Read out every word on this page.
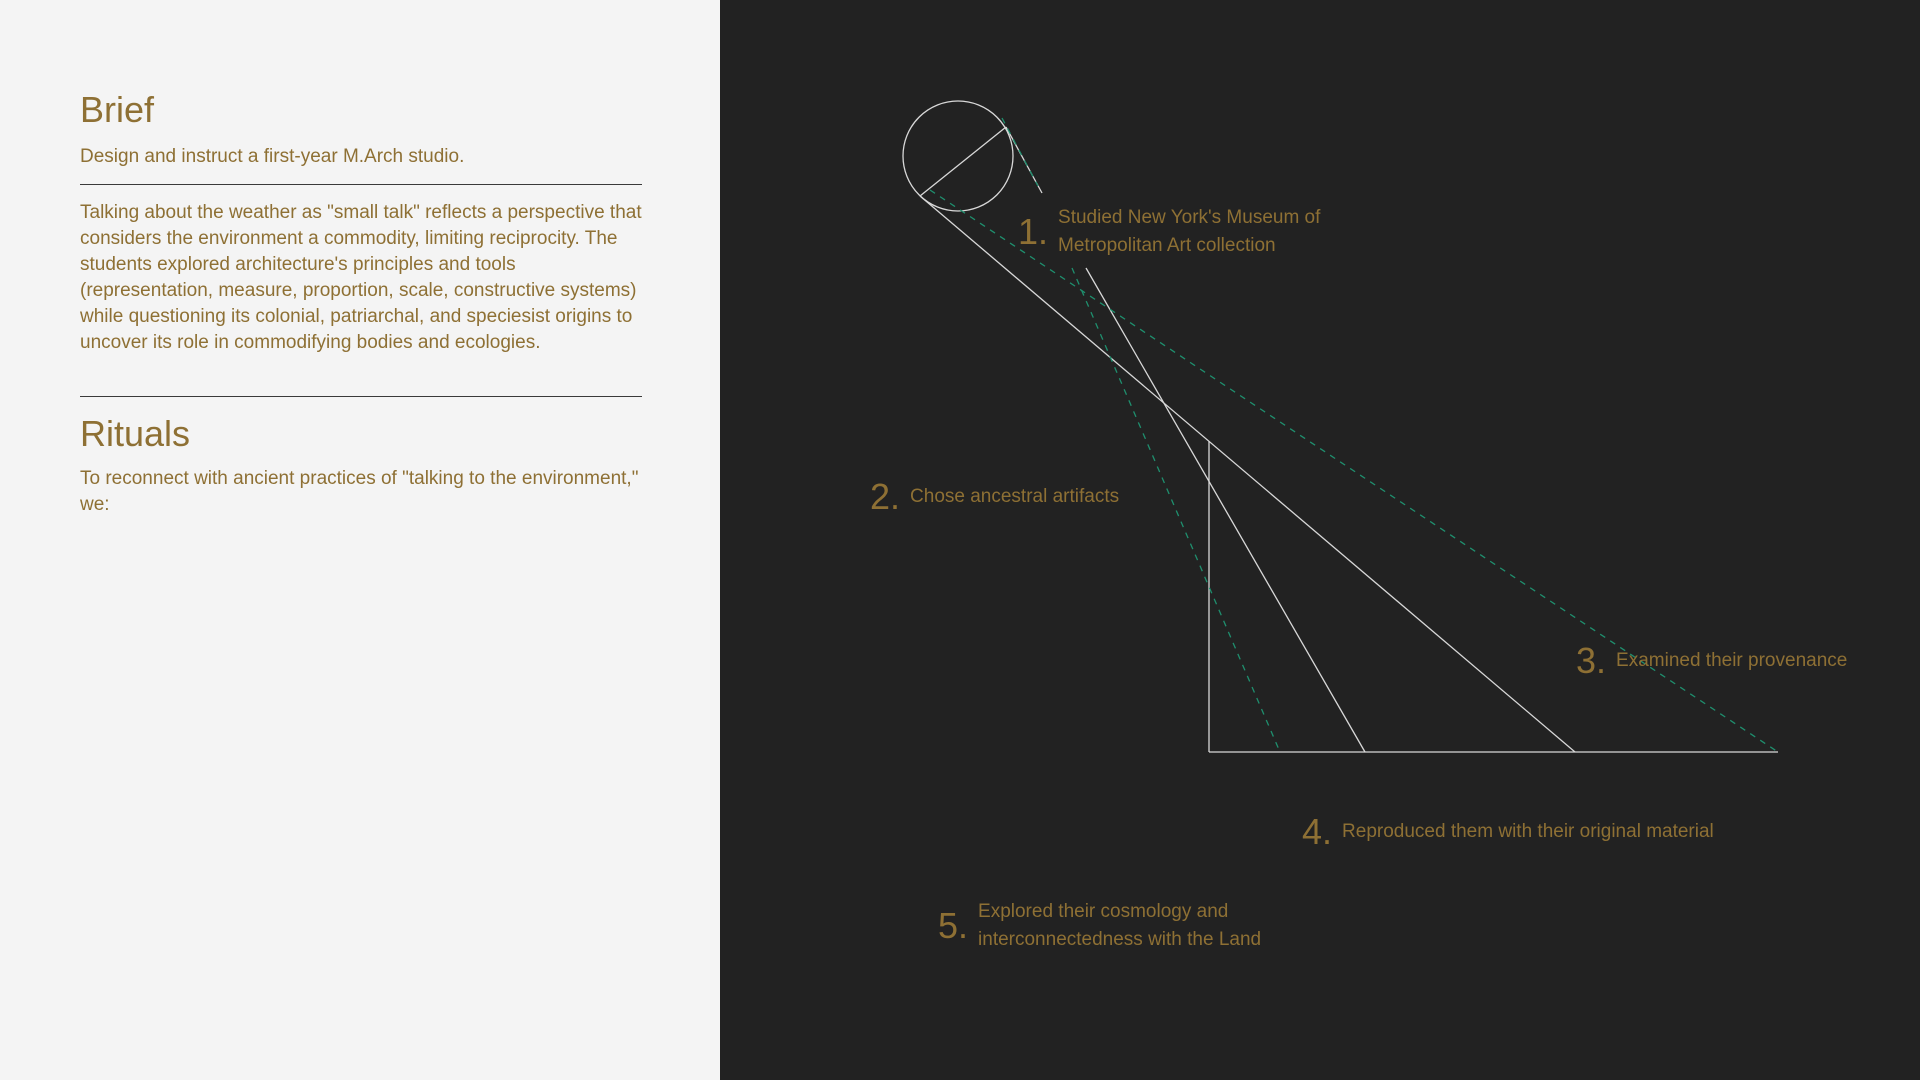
Brief

Design and instruct a first-year M.Arch studio.

Talking about the weather as "small talk" reflects a perspective that considers the environment a commodity, limiting reciprocity. The students explored architecture's principles and tools (representation, measure, proportion, scale, constructive systems) while questioning its colonial, patriarchal, and speciesist origins to uncover its role in commodifying bodies and ecologies.

Rituals

To reconnect with ancient practices of "talking to the environment," we:

1. Studied New York's Museum of
Metropolitan Art collection
2. Chose ancestral artifacts
3. Examined their provenance
4. Reproduced them with their original material
5. Explored their cosmology and
interconnectedness with the Land
